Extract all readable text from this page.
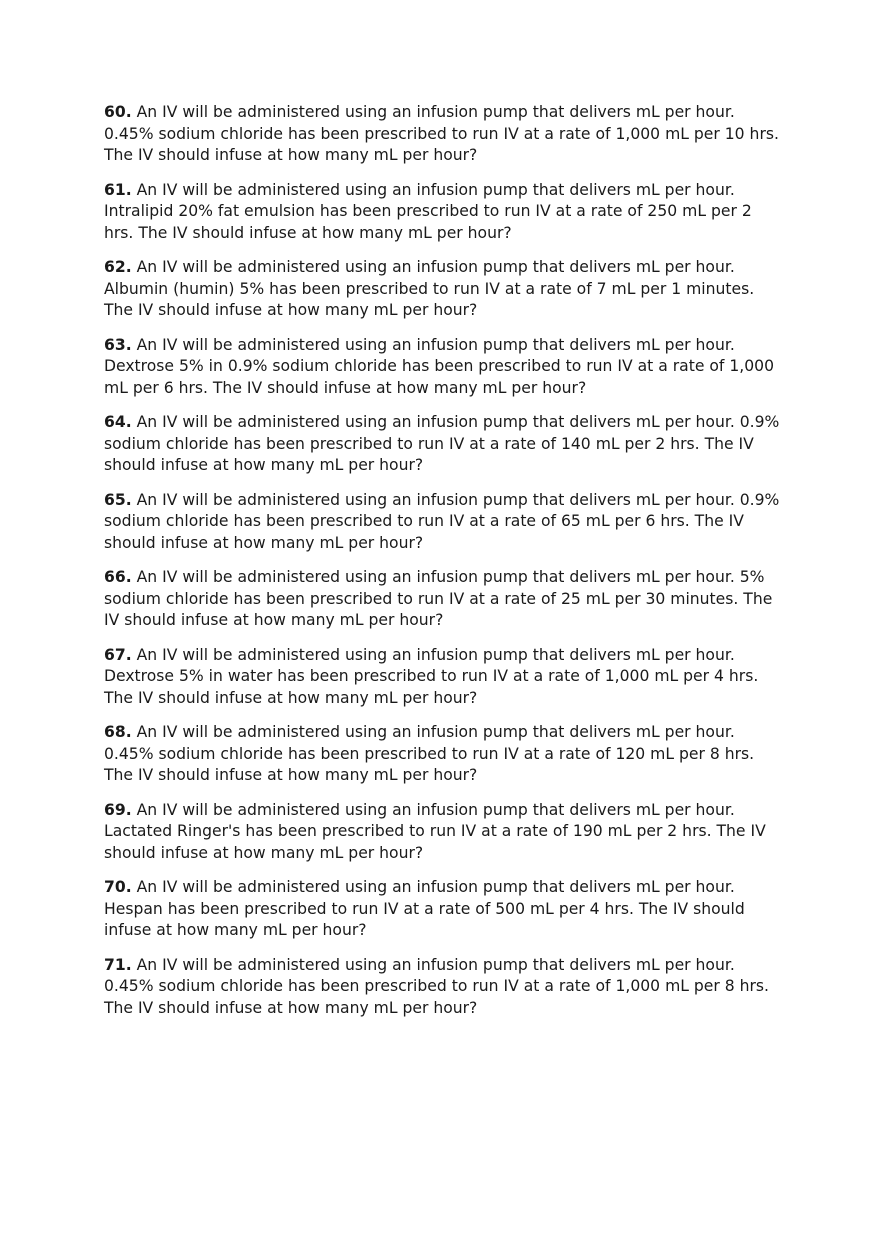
60. An IV will be administered using an infusion pump that delivers mL per hour. 0.45% sodium chloride has been prescribed to run IV at a rate of 1,000 mL per 10 hrs. The IV should infuse at how many mL per hour?

61. An IV will be administered using an infusion pump that delivers mL per hour. Intralipid 20% fat emulsion has been prescribed to run IV at a rate of 250 mL per 2 hrs. The IV should infuse at how many mL per hour?

62. An IV will be administered using an infusion pump that delivers mL per hour. Albumin (humin) 5% has been prescribed to run IV at a rate of 7 mL per 1 minutes. The IV should infuse at how many mL per hour?

63. An IV will be administered using an infusion pump that delivers mL per hour. Dextrose 5% in 0.9% sodium chloride has been prescribed to run IV at a rate of 1,000 mL per 6 hrs. The IV should infuse at how many mL per hour?

64. An IV will be administered using an infusion pump that delivers mL per hour. 0.9% sodium chloride has been prescribed to run IV at a rate of 140 mL per 2 hrs. The IV should infuse at how many mL per hour?

65. An IV will be administered using an infusion pump that delivers mL per hour. 0.9% sodium chloride has been prescribed to run IV at a rate of 65 mL per 6 hrs. The IV should infuse at how many mL per hour?

66. An IV will be administered using an infusion pump that delivers mL per hour. 5% sodium chloride has been prescribed to run IV at a rate of 25 mL per 30 minutes. The IV should infuse at how many mL per hour?

67. An IV will be administered using an infusion pump that delivers mL per hour. Dextrose 5% in water has been prescribed to run IV at a rate of 1,000 mL per 4 hrs. The IV should infuse at how many mL per hour?

68. An IV will be administered using an infusion pump that delivers mL per hour. 0.45% sodium chloride has been prescribed to run IV at a rate of 120 mL per 8 hrs. The IV should infuse at how many mL per hour?

69. An IV will be administered using an infusion pump that delivers mL per hour. Lactated Ringer's has been prescribed to run IV at a rate of 190 mL per 2 hrs. The IV should infuse at how many mL per hour?

70. An IV will be administered using an infusion pump that delivers mL per hour. Hespan has been prescribed to run IV at a rate of 500 mL per 4 hrs. The IV should infuse at how many mL per hour?

71. An IV will be administered using an infusion pump that delivers mL per hour. 0.45% sodium chloride has been prescribed to run IV at a rate of 1,000 mL per 8 hrs. The IV should infuse at how many mL per hour?
